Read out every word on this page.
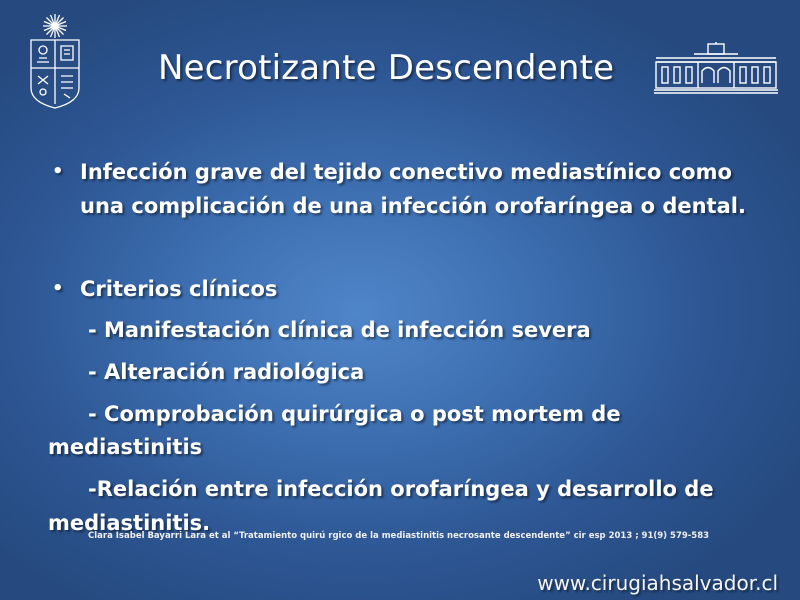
Necrotizante Descendente
• Infección grave del tejido conectivo mediastínico como una complicación de una infección orofaríngea o dental.
• Criterios clínicos
- Manifestación clínica de infección severa
- Alteración radiológica
- Comprobación quirúrgica o post mortem de
mediastinitis
-Relación entre infección orofaríngea y desarrollo de
mediastinitis.
Clara Isabel Bayarri Lara et al “Tratamiento quirú rgico de la mediastinitis necrosante descendente” cir esp 2013 ; 91(9) 579-583
www.cirugiahsalvador.cl
